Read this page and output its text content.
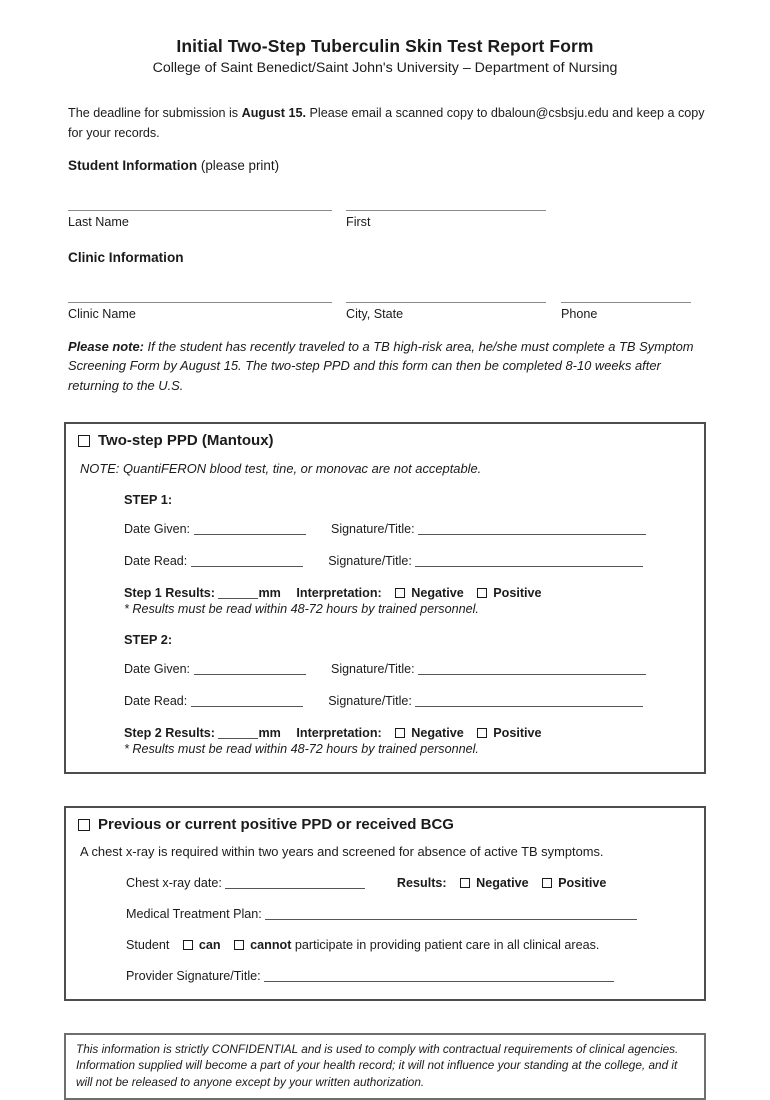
Initial Two-Step Tuberculin Skin Test Report Form
College of Saint Benedict/Saint John's University – Department of Nursing

The deadline for submission is August 15. Please email a scanned copy to dbaloun@csbsju.edu and keep a copy for your records.

Student Information (please print)
Last Name	First
Clinic Information
Clinic Name	City, State	Phone

Please note: If the student has recently traveled to a TB high-risk area, he/she must complete a TB Symptom Screening Form by August 15. The two-step PPD and this form can then be completed 8-10 weeks after returning to the U.S.

Two-step PPD (Mantoux)
NOTE: QuantiFERON blood test, tine, or monovac are not acceptable.
STEP 1:
Date Given:	Signature/Title:
Date Read:	Signature/Title:
Step 1 Results:	mm Interpretation: Negative Positive
* Results must be read within 48-72 hours by trained personnel.
STEP 2:
Date Given:	Signature/Title:
Date Read:	Signature/Title:
Step 2 Results:	mm Interpretation: Negative Positive
* Results must be read within 48-72 hours by trained personnel.
Previous or current positive PPD or received BCG
A chest x-ray is required within two years and screened for absence of active TB symptoms.
Chest x-ray date:	Results: Negative Positive
Medical Treatment Plan:
Student can cannot participate in providing patient care in all clinical areas.
Provider Signature/Title:
This information is strictly CONFIDENTIAL and is used to comply with contractual requirements of clinical agencies. Information supplied will become a part of your health record; it will not influence your standing at the college, and it will not be released to anyone except by your written authorization.
